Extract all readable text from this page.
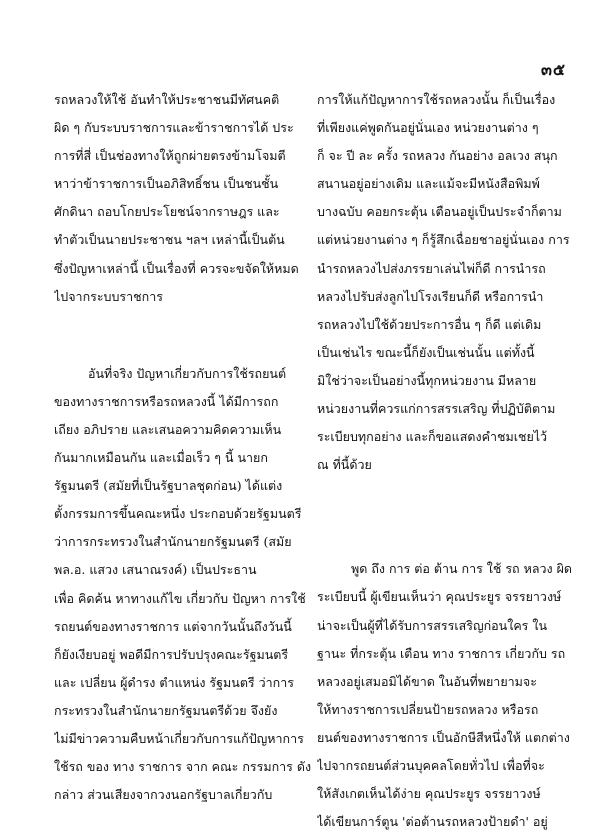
๓๕
รถหลวงให้ใช้ อันทำให้ประชาชนมีทัศนคติ
ผิด ๆ กับระบบราชการและข้าราชการได้ ประ
การที่สี่ เป็นช่องทางให้ถูกผ่ายตรงข้ามโจมตี
หาว่าข้าราชการเป็นอภิสิทธิ์ชน เป็นชนชั้น
ศักดินา ถอบโกยประโยชน์จากราษฎร และ
ทำตัวเป็นนายประชาชน ฯลฯ เหล่านี้เป็นต้น
ซึ่งปัญหาเหล่านี้ เป็นเรื่องที่ ควรจะขจัดให้หมด
ไปจากระบบราชการ
อันที่จริง ปัญหาเกี่ยวกับการใช้รถยนต์
ของทางราชการหรือรถหลวงนี้ ได้มีการถก
เถียง อภิปราย และเสนอความคิดความเห็น
กันมากเหมือนกัน และเมื่อเร็ว ๆ นี้ นายก
รัฐมนตรี (สมัยที่เป็นรัฐบาลชุดก่อน) ได้แต่ง
ตั้งกรรมการขึ้นคณะหนึ่ง ประกอบด้วยรัฐมนตรี
ว่าการกระทรวงในสำนักนายกรัฐมนตรี (สมัย
พล.อ. แสวง เสนาณรงค์) เป็นประธาน
เพื่อ คิดค้น หาทางแก้ไข เกี่ยวกับ ปัญหา การใช้
รถยนต์ของทางราชการ แต่จากวันนั้นถึงวันนี้
ก็ยังเงียบอยู่ พอดีมีการปรับปรุงคณะรัฐมนตรี
และ เปลี่ยน ผู้ดำรง ตำแหน่ง รัฐมนตรี ว่าการ
กระทรวงในสำนักนายกรัฐมนตรีด้วย จึงยัง
ไม่มีข่าวความคืบหน้าเกี่ยวกับการแก้ปัญหาการ
ใช้รถ ของ ทาง ราชการ จาก คณะ กรรมการ ดัง
กล่าว ส่วนเสียงจากวงนอกรัฐบาลเกี่ยวกับ
การให้แก้ปัญหาการใช้รถหลวงนั้น ก็เป็นเรื่อง
ที่เพียงแค่พูดกันอยู่นั่นเอง หน่วยงานต่าง ๆ
ก็ จะ ปี ละ ครั้ง รถหลวง กันอย่าง อลเวง สนุก
สนานอยู่อย่างเดิม และแม้จะมีหนังสือพิมพ์
บางฉบับ คอยกระตุ้น เตือนอยู่เป็นประจำก็ตาม
แต่หน่วยงานต่าง ๆ ก็รู้สึกเฉื่อยชาอยู่นั่นเอง การ
นำรถหลวงไปส่งภรรยาเล่นไพ่ก็ดี การนำรถ
หลวงไปรับส่งลูกไปโรงเรียนก็ดี หรือการนำ
รถหลวงไปใช้ด้วยประการอื่น ๆ ก็ดี แต่เดิม
เป็นเช่นไร ขณะนี้ก็ยังเป็นเช่นนั้น แต่ทั้งนี้
มิใช่ว่าจะเป็นอย่างนี้ทุกหน่วยงาน มีหลาย
หน่วยงานที่ควรแก่การสรรเสริญ ที่ปฏิบัติตาม
ระเบียบทุกอย่าง และก็ขอแสดงคำชมเชยไว้
ณ ที่นี้ด้วย
พูด ถึง การ ต่อ ต้าน การ ใช้ รถ หลวง ผิด
ระเบียบนี้ ผู้เขียนเห็นว่า คุณประยูร จรรยาวงษ์
น่าจะเป็นผู้ที่ได้รับการสรรเสริญก่อนใคร ใน
ฐานะ ที่กระตุ้น เตือน ทาง ราชการ เกี่ยวกับ รถ
หลวงอยู่เสมอมิได้ขาด ในอันที่พยายามจะ
ให้ทางราชการเปลี่ยนป้ายรถหลวง หรือรถ
ยนต์ของทางราชการ เป็นอักษีสีหนึ่งให้ แตกต่าง
ไปจากรถยนต์ส่วนบุคคลโดยทั่วไป เพื่อที่จะ
ให้สังเกตเห็นได้ง่าย คุณประยูร จรรยาวงษ์
ได้เขียนการ์ตูน 'ต่อต้านรถหลวงป้ายดำ' อยู่
